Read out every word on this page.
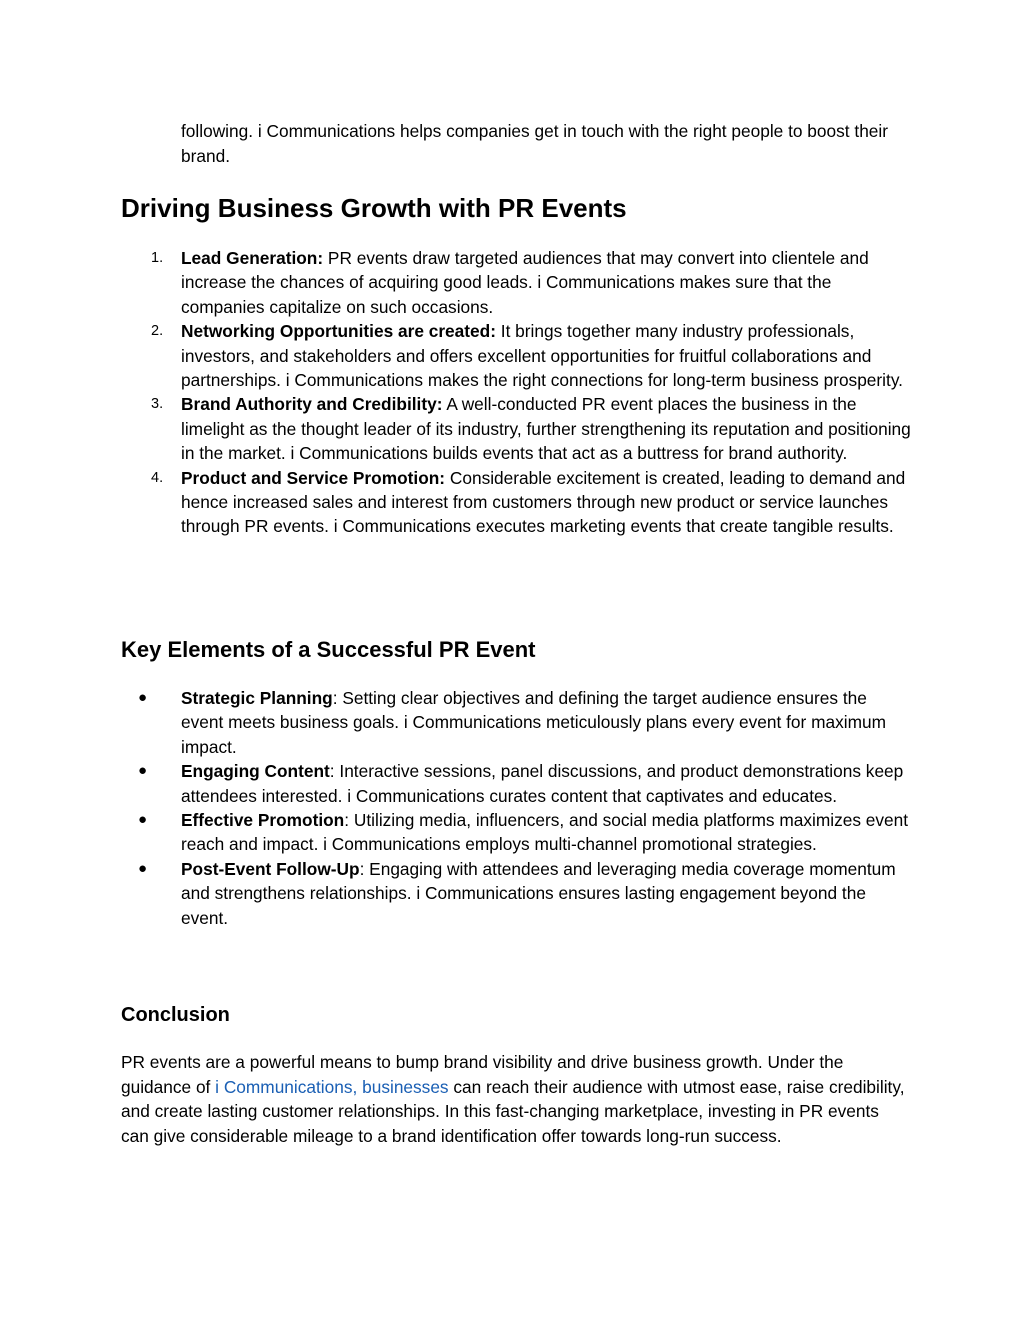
following. i Communications helps companies get in touch with the right people to boost their brand.

Driving Business Growth with PR Events
1.	Lead Generation: PR events draw targeted audiences that may convert into clientele and increase the chances of acquiring good leads. i Communications makes sure that the companies capitalize on such occasions.
2.	Networking Opportunities are created: It brings together many industry professionals, investors, and stakeholders and offers excellent opportunities for fruitful collaborations and partnerships. i Communications makes the right connections for long-term business prosperity.
3.	Brand Authority and Credibility: A well-conducted PR event places the business in the limelight as the thought leader of its industry, further strengthening its reputation and positioning in the market. i Communications builds events that act as a buttress for brand authority.
4.	Product and Service Promotion: Considerable excitement is created, leading to demand and hence increased sales and interest from customers through new product or service launches through PR events. i Communications executes marketing events that create tangible results.
Key Elements of a Successful PR Event
●	Strategic Planning: Setting clear objectives and defining the target audience ensures the event meets business goals. i Communications meticulously plans every event for maximum impact.
●	Engaging Content: Interactive sessions, panel discussions, and product demonstrations keep attendees interested. i Communications curates content that captivates and educates.
●	Effective Promotion: Utilizing media, influencers, and social media platforms maximizes event reach and impact. i Communications employs multi-channel promotional strategies.
●	Post-Event Follow-Up: Engaging with attendees and leveraging media coverage momentum and strengthens relationships. i Communications ensures lasting engagement beyond the event.
Conclusion

PR events are a powerful means to bump brand visibility and drive business growth. Under the guidance of i Communications, businesses can reach their audience with utmost ease, raise credibility, and create lasting customer relationships. In this fast-changing marketplace, investing in PR events can give considerable mileage to a brand identification offer towards long-run success.
